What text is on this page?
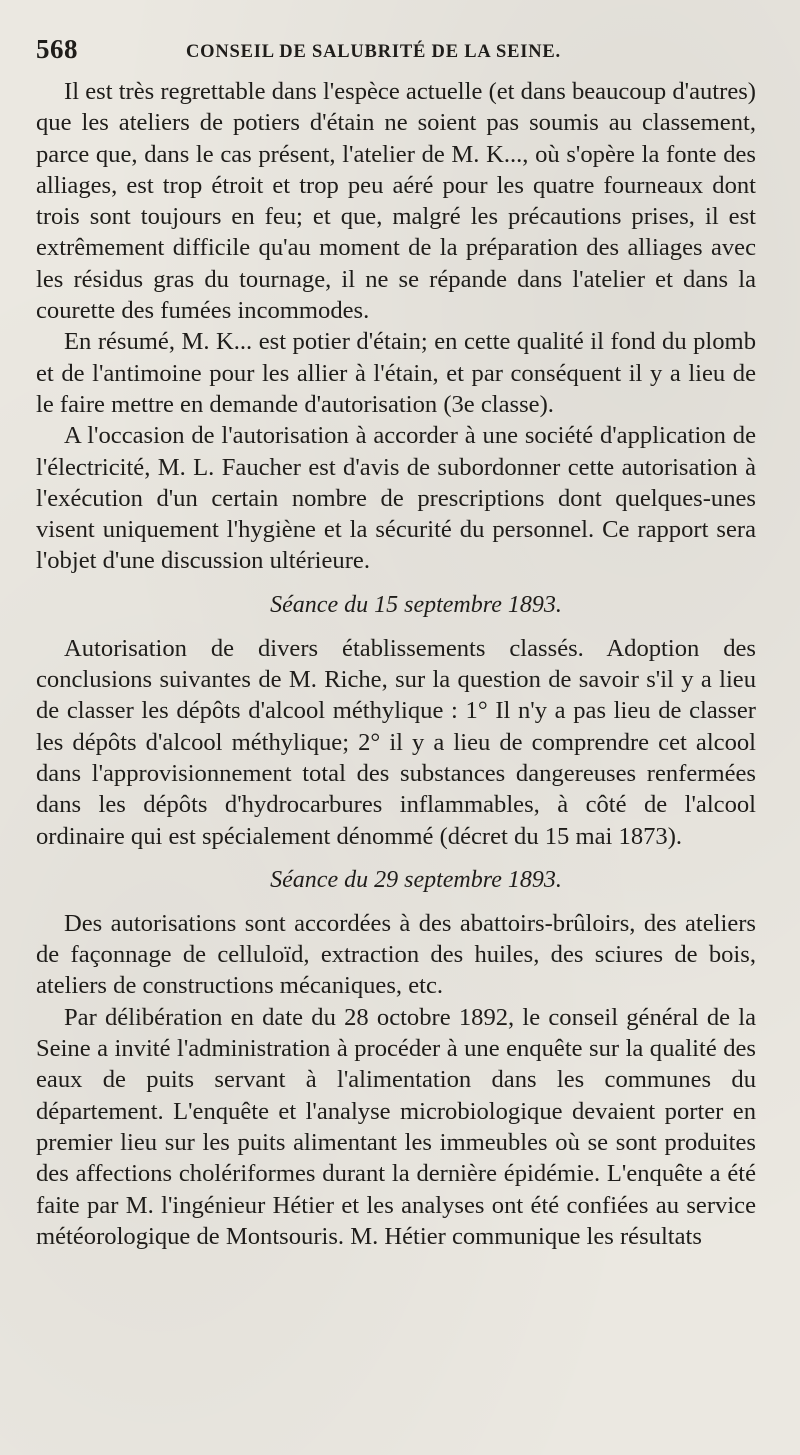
568	CONSEIL DE SALUBRITÉ DE LA SEINE.

Il est très regrettable dans l'espèce actuelle (et dans beaucoup d'autres) que les ateliers de potiers d'étain ne soient pas soumis au classement, parce que, dans le cas présent, l'atelier de M. K..., où s'opère la fonte des alliages, est trop étroit et trop peu aéré pour les quatre fourneaux dont trois sont toujours en feu; et que, malgré les précautions prises, il est extrêmement difficile qu'au moment de la préparation des alliages avec les résidus gras du tournage, il ne se répande dans l'atelier et dans la courette des fumées incommodes.

En résumé, M. K... est potier d'étain; en cette qualité il fond du plomb et de l'antimoine pour les allier à l'étain, et par conséquent il y a lieu de le faire mettre en demande d'autorisation (3e classe).

A l'occasion de l'autorisation à accorder à une société d'application de l'électricité, M. L. Faucher est d'avis de subordonner cette autorisation à l'exécution d'un certain nombre de prescriptions dont quelques-unes visent uniquement l'hygiène et la sécurité du personnel. Ce rapport sera l'objet d'une discussion ultérieure.

Séance du 15 septembre 1893.

Autorisation de divers établissements classés. Adoption des conclusions suivantes de M. Riche, sur la question de savoir s'il y a lieu de classer les dépôts d'alcool méthylique : 1° Il n'y a pas lieu de classer les dépôts d'alcool méthylique; 2° il y a lieu de comprendre cet alcool dans l'approvisionnement total des substances dangereuses renfermées dans les dépôts d'hydrocarbures inflammables, à côté de l'alcool ordinaire qui est spécialement dénommé (décret du 15 mai 1873).

Séance du 29 septembre 1893.

Des autorisations sont accordées à des abattoirs-brûloirs, des ateliers de façonnage de celluloïd, extraction des huiles, des sciures de bois, ateliers de constructions mécaniques, etc.

Par délibération en date du 28 octobre 1892, le conseil général de la Seine a invité l'administration à procéder à une enquête sur la qualité des eaux de puits servant à l'alimentation dans les communes du département. L'enquête et l'analyse microbiologique devaient porter en premier lieu sur les puits alimentant les immeubles où se sont produites des affections cholériformes durant la dernière épidémie. L'enquête a été faite par M. l'ingénieur Hétier et les analyses ont été confiées au service météorologique de Montsouris. M. Hétier communique les résultats
